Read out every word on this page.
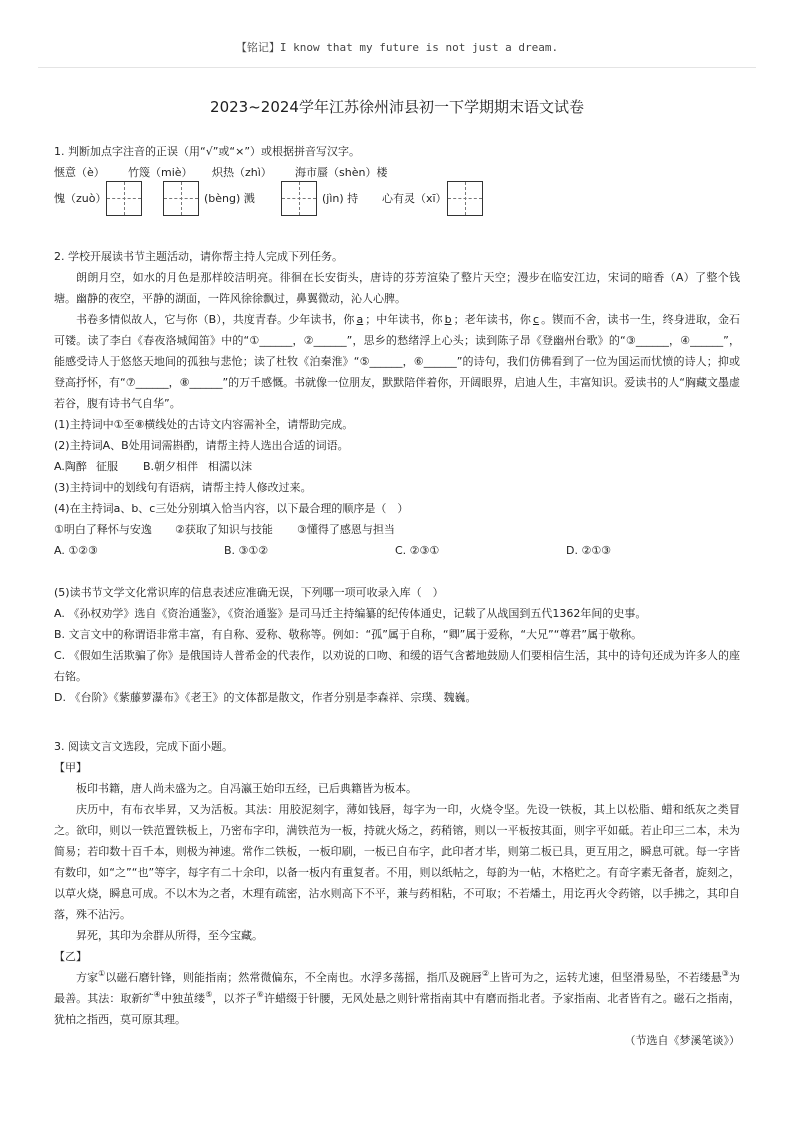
【铭记】I know that my future is not just a dream.
2023~2024学年江苏徐州沛县初一下学期期末语文试卷
1. 判断加点字注音的正误（用“√”或“×”）或根据拼音写汉字。
惬意（è） 竹篾（miè） 炽热（zhì） 海市蜃（shèn）楼
愧（zuò）	(bèng) 溅	(jìn) 持 心有灵（xī）
2. 学校开展读书节主题活动，请你帮主持人完成下列任务。
朗朗月空，如水的月色是那样皎洁明亮。徘徊在长安街头，唐诗的芬芳渲染了整片天空；漫步在临安江边，宋词的暗香（A）了整个钱塘。幽静的夜空，平静的湖面，一阵风徐徐飘过，鼻翼微动，沁人心脾。
书卷多情似故人，它与你（B），共度青春。少年读书，你 a ；中年读书，你 b ；老年读书，你 c 。锲而不舍，读书一生，终身进取，金石可镂。读了李白《春夜洛城闻笛》中的“①______，②______”，思乡的愁绪浮上心头；读到陈子昂《登幽州台歌》的“③______，④______”，能感受诗人于悠悠天地间的孤独与悲怆；读了杜牧《泊秦淮》“⑤______，⑥______”的诗句，我们仿佛看到了一位为国运而忧愤的诗人；抑或登高抒怀，有“⑦______，⑧______”的万千感慨。书就像一位朋友，默默陪伴着你，开阔眼界，启迪人生，丰富知识。爱读书的人“胸藏文墨虚若谷，腹有诗书气自华”。
(1)主持词中①至⑧横线处的古诗文内容需补全，请帮助完成。
(2)主持词A、B处用词需斟酌，请帮主持人选出合适的词语。
A.陶醉 征服 B.朝夕相伴 相濡以沫
(3)主持词中的划线句有语病，请帮主持人修改过来。
(4)在主持词a、b、c三处分别填入恰当内容，以下最合理的顺序是（　）
①明白了释怀与安逸 ②获取了知识与技能 ③懂得了感恩与担当
A. ①②③	B. ③①②	C. ②③①	D. ②①③
(5)读书节文学文化常识库的信息表述应准确无误，下列哪一项可收录入库（　）
A. 《孙权劝学》选自《资治通鉴》，《资治通鉴》是司马迁主持编纂的纪传体通史，记载了从战国到五代1362年间的史事。
B. 文言文中的称谓语非常丰富，有自称、爱称、敬称等。例如：“孤”属于自称，“卿”属于爱称，“大兄”“尊君”属于敬称。
C. 《假如生活欺骗了你》是俄国诗人普希金的代表作，以劝说的口吻、和缓的语气含蓄地鼓励人们要相信生活，其中的诗句还成为许多人的座右铭。
D. 《台阶》《紫藤萝瀑布》《老王》的文体都是散文，作者分别是李森祥、宗璞、魏巍。
3. 阅读文言文选段，完成下面小题。
【甲】
板印书籍，唐人尚未盛为之。自冯瀛王始印五经，已后典籍皆为板本。
庆历中，有布衣毕昇，又为活板。其法：用胶泥刻字，薄如钱唇，每字为一印，火烧令坚。先设一铁板，其上以松脂、蜡和纸灰之类冒之。欲印，则以一铁范置铁板上，乃密布字印，满铁范为一板，持就火炀之，药稍镕，则以一平板按其面，则字平如砥。若止印三二本，未为简易；若印数十百千本，则极为神速。常作二铁板，一板印刷，一板已自布字，此印者才毕，则第二板已具，更互用之，瞬息可就。每一字皆有数印，如“之”“也”等字，每字有二十余印，以备一板内有重复者。不用，则以纸帖之，每韵为一帖，木格贮之。有奇字素无备者，旋刻之，以草火烧，瞬息可成。不以木为之者，木理有疏密，沾水则高下不平，兼与药相粘，不可取；不若燔土，用讫再火令药镕，以手拂之，其印自落，殊不沾污。
昇死，其印为余群从所得，至今宝藏。
【乙】
方家①以磁石磨针锋，则能指南；然常微偏东，不全南也。水浮多荡摇，指爪及碗唇②上皆可为之，运转尤速，但坚滑易坠，不若缕悬③为最善。其法：取新纩④中独茧缕⑤，以芥子⑥许蜡缀于针腰，无风处悬之则针常指南其中有磨而指北者。予家指南、北者皆有之。磁石之指南，犹柏之指西，莫可原其理。
（节选自《梦溪笔谈》）
